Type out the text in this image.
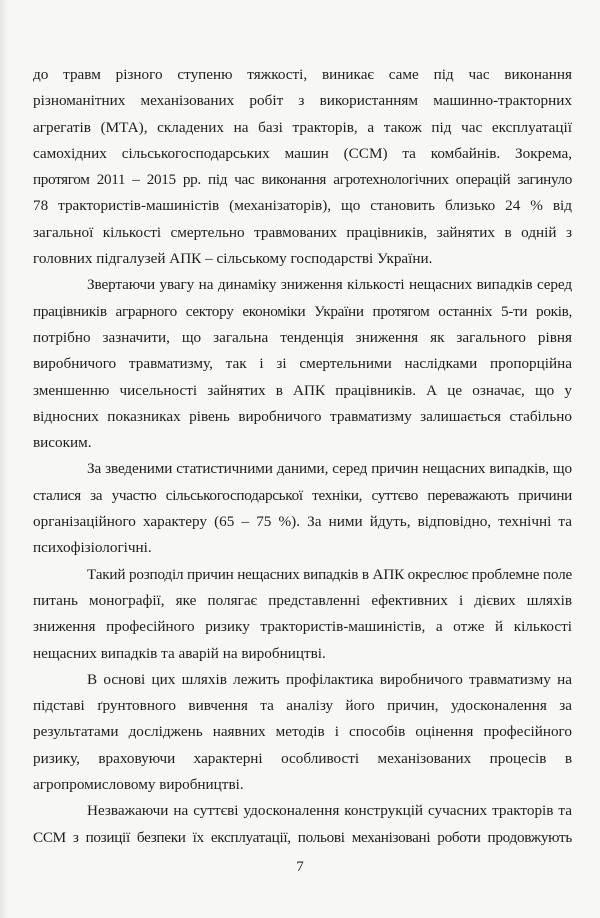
до травм різного ступеню тяжкості, виникає саме під час виконання
різноманітних механізованих робіт з використанням машинно-тракторних
агрегатів (МТА), складених на базі тракторів, а також під час експлуатації
самохідних сільськогосподарських машин (ССМ) та комбайнів. Зокрема,
протягом 2011 – 2015 рр. під час виконання агротехнологічних операцій загинуло
78 трактористів-машиністів (механізаторів), що становить близько 24 % від
загальної кількості смертельно травмованих працівників, зайнятих в одній з
головних підгалузей АПК – сільському господарстві України.
Звертаючи увагу на динаміку зниження кількості нещасних випадків серед
працівників аграрного сектору економіки України протягом останніх 5-ти років,
потрібно зазначити, що загальна тенденція зниження як загального рівня
виробничого травматизму, так і зі смертельними наслідками пропорційна
зменшенню чисельності зайнятих в АПК працівників. А це означає, що у
відносних показниках рівень виробничого травматизму залишається стабільно
високим.
За зведеними статистичними даними, серед причин нещасних випадків, що
сталися за участю сільськогосподарської техніки, суттєво переважають причини
організаційного характеру (65 – 75 %). За ними йдуть, відповідно, технічні та
психофізіологічні.
Такий розподіл причин нещасних випадків в АПК окреслює проблемне поле
питань монографії, яке полягає представленні ефективних і дієвих шляхів
зниження професійного ризику трактористів-машиністів, а отже й кількості
нещасних випадків та аварій на виробництві.
В основі цих шляхів лежить профілактика виробничого травматизму на
підставі ґрунтовного вивчення та аналізу його причин, удосконалення за
результатами досліджень наявних методів і способів оцінення професійного
ризику, враховуючи характерні особливості механізованих процесів в
агропромисловому виробництві.
Незважаючи на суттєві удосконалення конструкцій сучасних тракторів та
ССМ з позиції безпеки їх експлуатації, польові механізовані роботи продовжують
7
